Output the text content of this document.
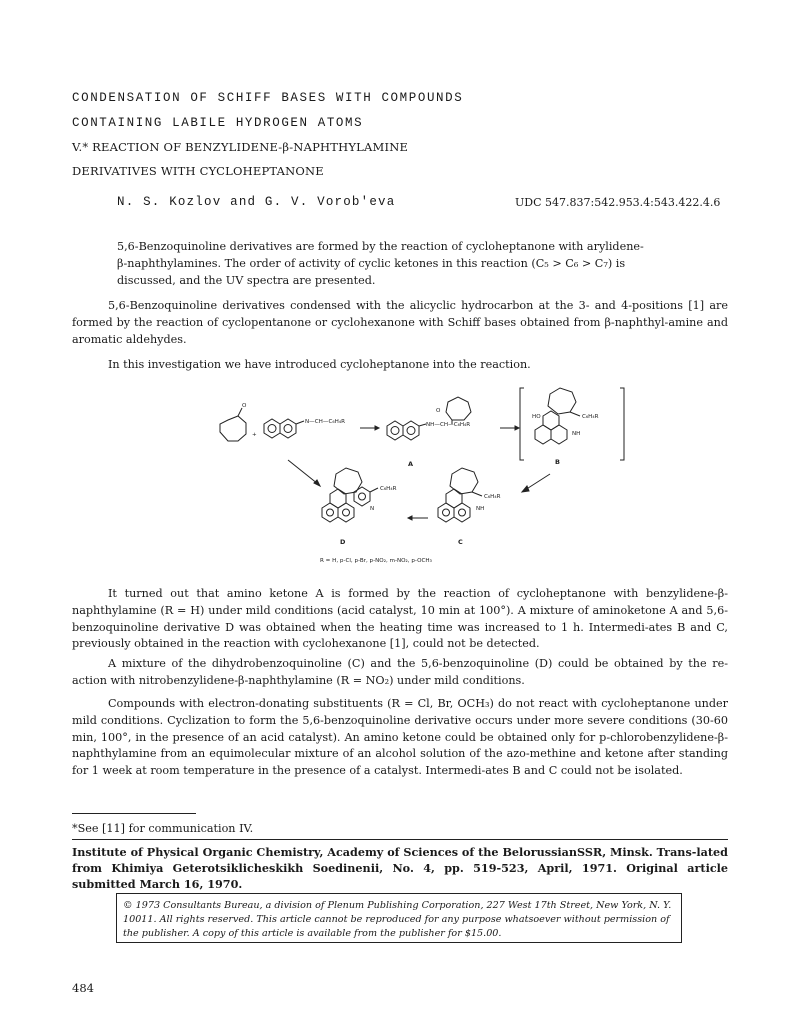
CONDENSATION OF SCHIFF BASES WITH COMPOUNDS
CONTAINING LABILE HYDROGEN ATOMS
V.* REACTION OF BENZYLIDENE-β-NAPHTHYLAMINE
DERIVATIVES WITH CYCLOHEPTANONE
N. S. Kozlov and G. V. Vorob'eva	UDC 547.837:542.953.4:543.422.4.6
5,6-Benzoquinoline derivatives are formed by the reaction of cycloheptanone with arylidene-
β-naphthylamines. The order of activity of cyclic ketones in this reaction (C₅ > C₆ > C₇) is
discussed, and the UV spectra are presented.
5,6-Benzoquinoline derivatives condensed with the alicyclic hydrocarbon at the 3- and 4-positions [1] are formed by the reaction of cyclopentanone or cyclohexanone with Schiff bases obtained from β-naphthyl-amine and aromatic aldehydes.
In this investigation we have introduced cycloheptanone into the reaction.
O
+
N—CH—C₆H₄R	NH—CH—C₆H₄R
O
A
HO	C₆H₄R
NH
B
C₆H₄R
NH
C
C₆H₄R
N
D
R = H, p-Cl, p-Br, p-NO₂, m-NO₂, p-OCH₃
It turned out that amino ketone A is formed by the reaction of cycloheptanone with benzylidene-β-naphthylamine (R = H) under mild conditions (acid catalyst, 10 min at 100°). A mixture of aminoketone A and 5,6-benzoquinoline derivative D was obtained when the heating time was increased to 1 h. Intermedi-ates B and C, previously obtained in the reaction with cyclohexanone [1], could not be detected.
A mixture of the dihydrobenzoquinoline (C) and the 5,6-benzoquinoline (D) could be obtained by the re-action with nitrobenzylidene-β-naphthylamine (R = NO₂) under mild conditions.
Compounds with electron-donating substituents (R = Cl, Br, OCH₃) do not react with cycloheptanone under mild conditions. Cyclization to form the 5,6-benzoquinoline derivative occurs under more severe conditions (30-60 min, 100°, in the presence of an acid catalyst). An amino ketone could be obtained only for p-chlorobenzylidene-β-naphthylamine from an equimolecular mixture of an alcohol solution of the azo-methine and ketone after standing for 1 week at room temperature in the presence of a catalyst. Intermedi-ates B and C could not be isolated.
*See [11] for communication IV.
Institute of Physical Organic Chemistry, Academy of Sciences of the BelorussianSSR, Minsk. Trans-lated from Khimiya Geterotsiklicheskikh Soedinenii, No. 4, pp. 519-523, April, 1971. Original article submitted March 16, 1970.
© 1973 Consultants Bureau, a division of Plenum Publishing Corporation, 227 West 17th Street, New York, N. Y. 10011. All rights reserved. This article cannot be reproduced for any purpose whatsoever without permission of the publisher. A copy of this article is available from the publisher for $15.00.
484
